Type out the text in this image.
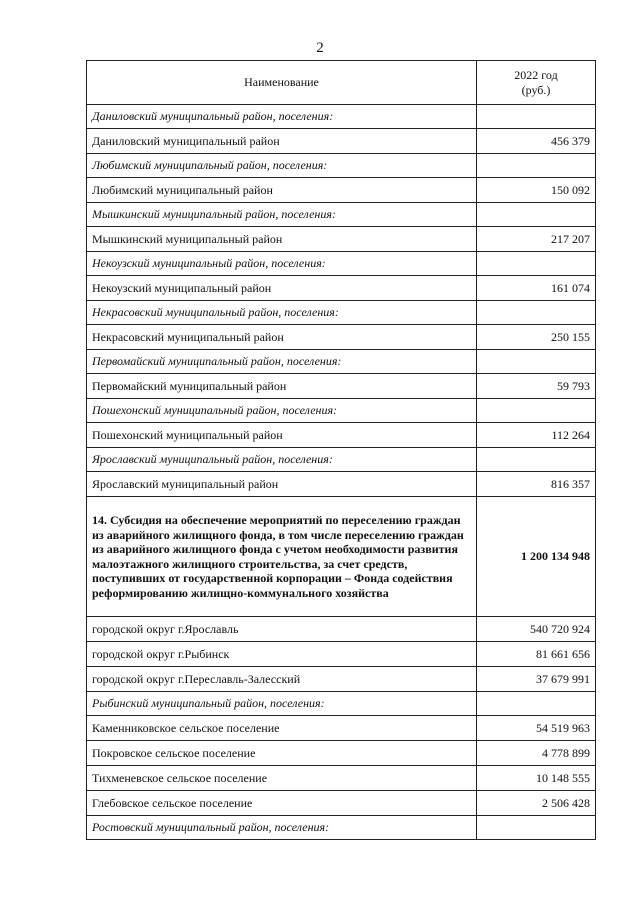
2
Наименование	2022 год
(руб.)
Даниловский муниципальный район, поселения:	
Даниловский муниципальный район	456 379
Любимский муниципальный район, поселения:	
Любимский муниципальный район	150 092
Мышкинский муниципальный район, поселения:	
Мышкинский муниципальный район	217 207
Некоузский муниципальный район, поселения:	
Некоузский муниципальный район	161 074
Некрасовский муниципальный район, поселения:	
Некрасовский муниципальный район	250 155
Первомайский муниципальный район, поселения:	
Первомайский муниципальный район	59 793
Пошехонский муниципальный район, поселения:	
Пошехонский муниципальный район	112 264
Ярославский муниципальный район, поселения:	
Ярославский муниципальный район	816 357
14. Субсидия на обеспечение мероприятий по переселению граждан из аварийного жилищного фонда, в том числе переселению граждан из аварийного жилищного фонда с учетом необходимости развития малоэтажного жилищного строительства, за счет средств, поступивших от государственной корпорации – Фонда содействия реформированию жилищно-коммунального хозяйства	1 200 134 948
городской округ г.Ярославль	540 720 924
городской округ г.Рыбинск	81 661 656
городской округ г.Переславль-Залесский	37 679 991
Рыбинский муниципальный район, поселения:	
Каменниковское сельское поселение	54 519 963
Покровское сельское поселение	4 778 899
Тихменевское сельское поселение	10 148 555
Глебовское сельское поселение	2 506 428
Ростовский муниципальный район, поселения:	
